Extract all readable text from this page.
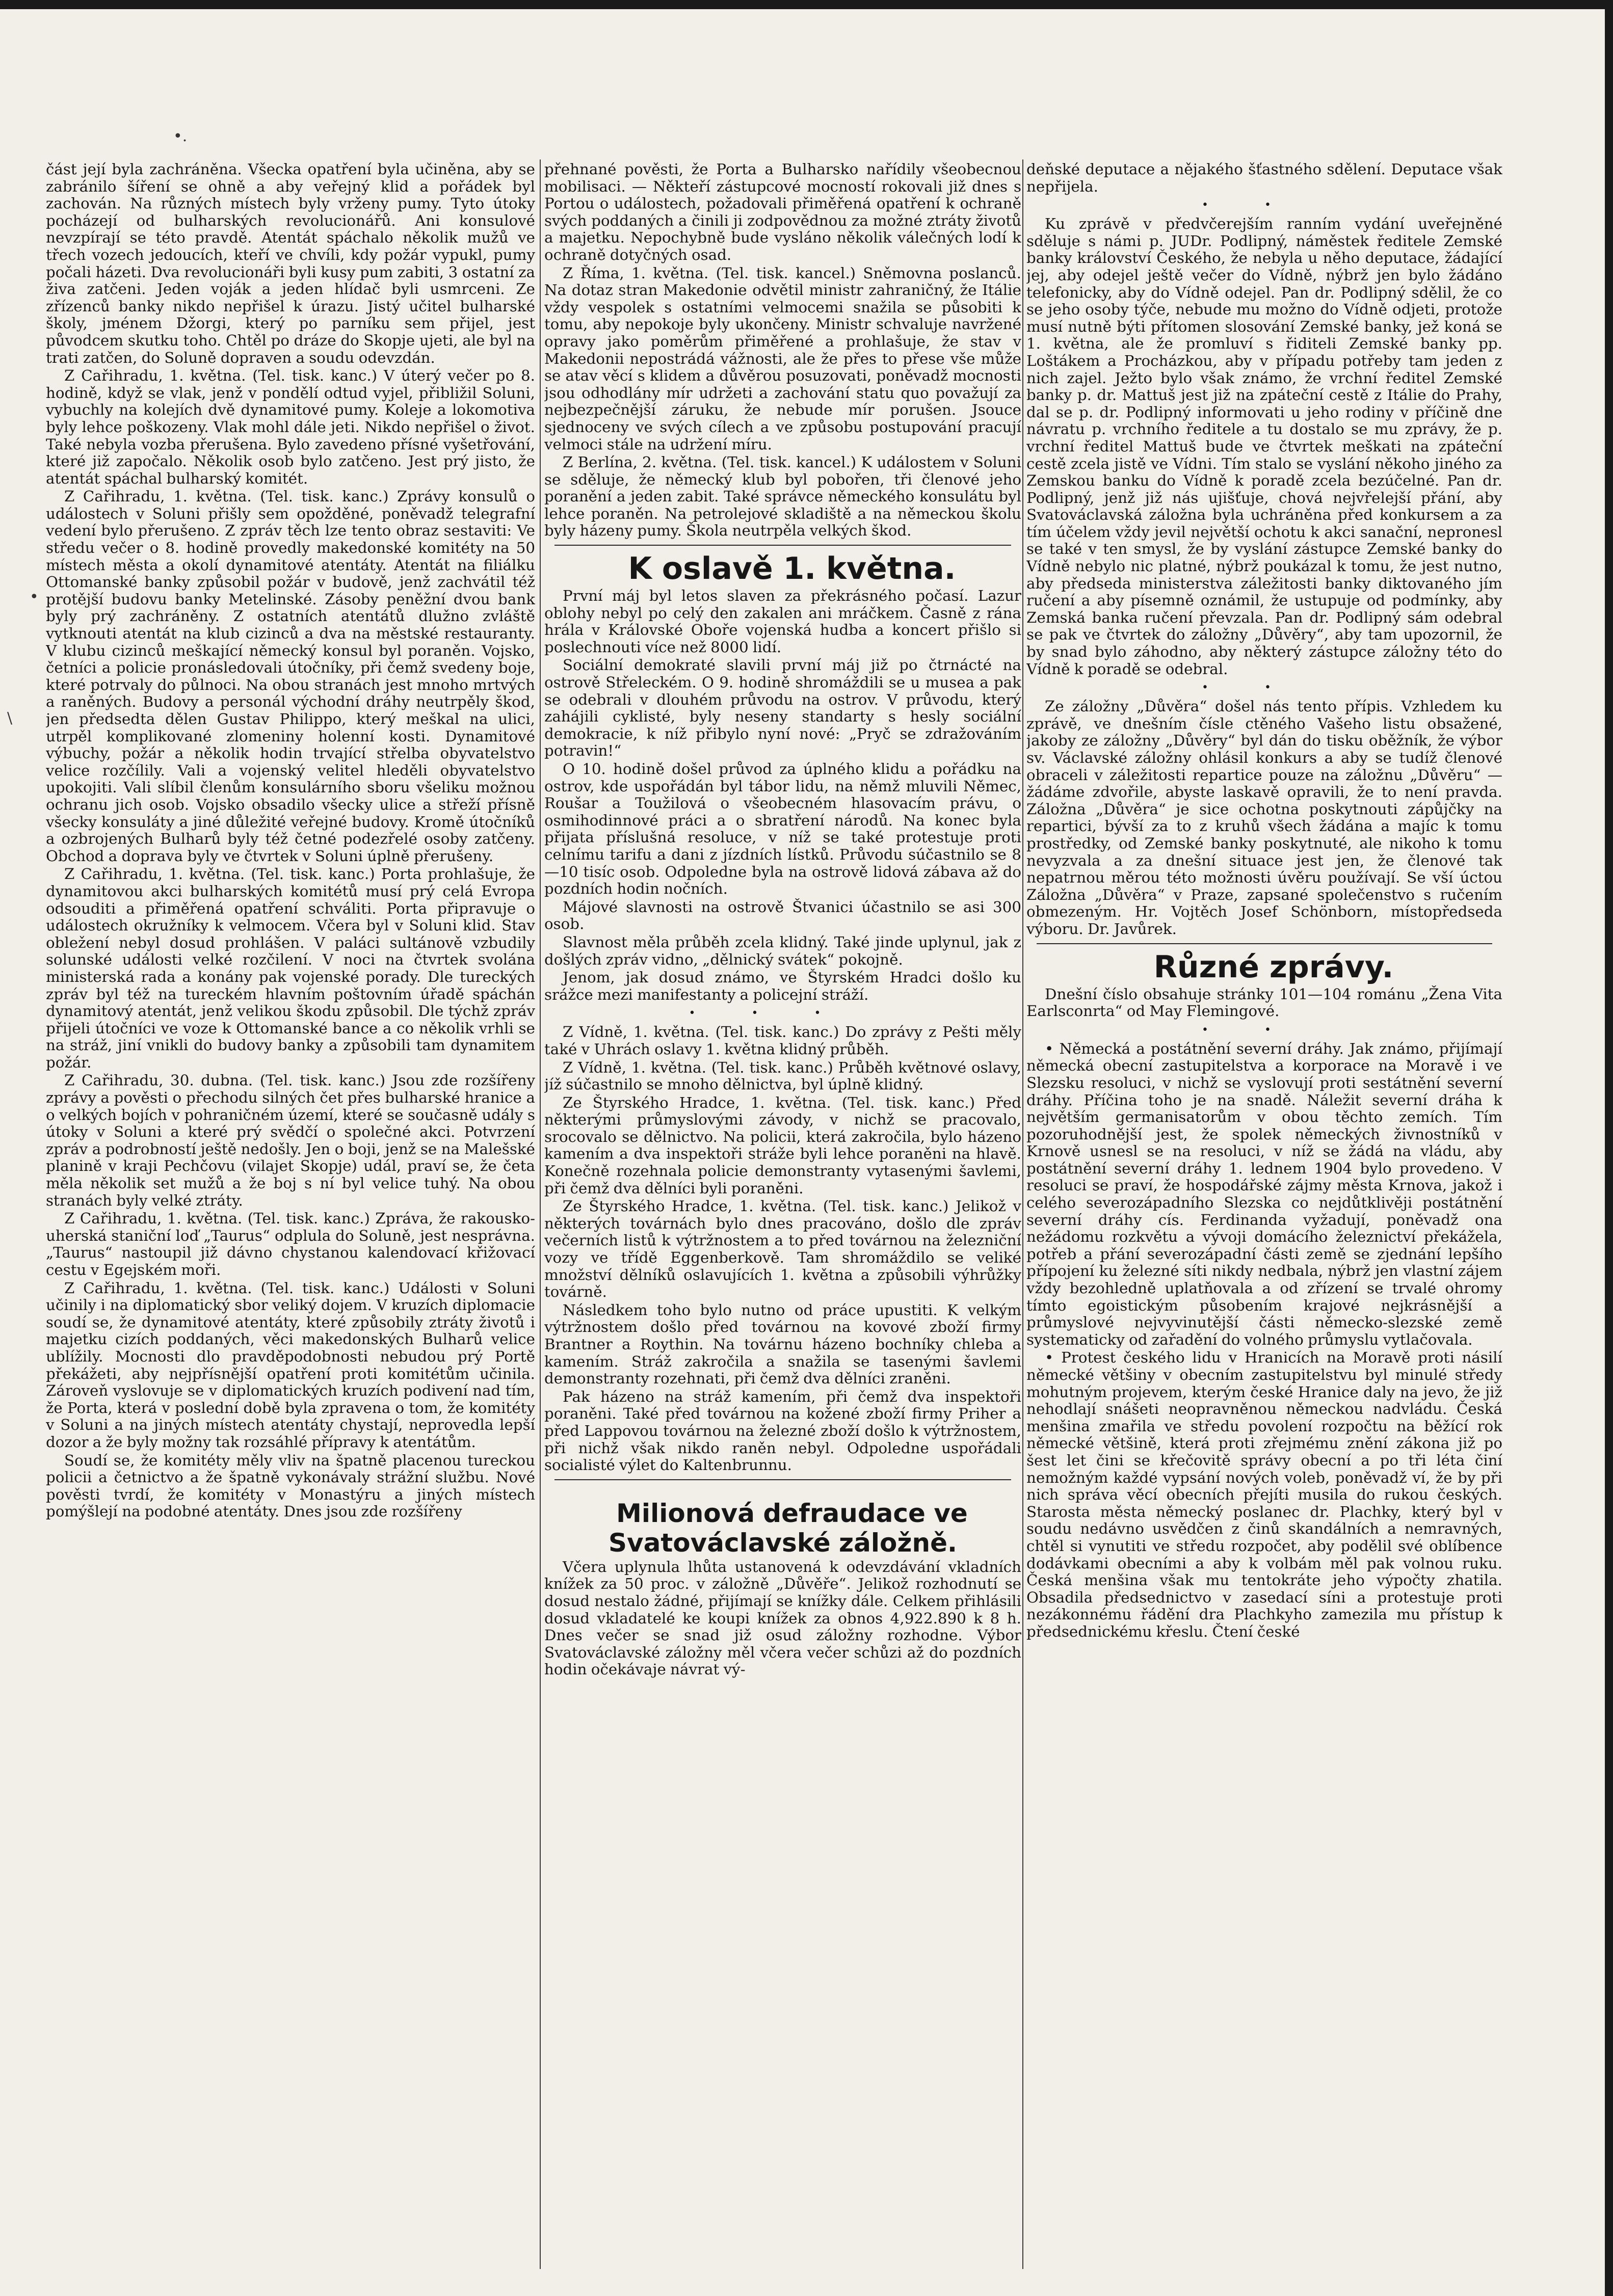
•.
•
\

část její byla zachráněna. Všecka opatření byla učiněna, aby se zabránilo šíření se ohně a aby veřejný klid a pořádek byl zachován. Na různých místech byly vrženy pumy. Tyto útoky pocházejí od bulharských revolucionářů. Ani konsulové nevzpírají se této pravdě. Atentát spáchalo několik mužů ve třech vozech jedoucích, kteří ve chvíli, kdy požár vypukl, pumy počali házeti. Dva revolucionáři byli kusy pum zabiti, 3 ostatní za živa zatčeni. Jeden voják a jeden hlídač byli usmrceni. Ze zřízenců banky nikdo nepřišel k úrazu. Jistý učitel bulharské školy, jménem Džorgi, který po parníku sem přijel, jest původcem skutku toho. Chtěl po dráze do Skopje ujeti, ale byl na trati zatčen, do Soluně dopraven a soudu odevzdán.

Z Cařihradu, 1. května. (Tel. tisk. kanc.) V úterý večer po 8. hodině, když se vlak, jenž v pondělí odtud vyjel, přibližil Soluni, vybuchly na kolejích dvě dynamitové pumy. Koleje a lokomotiva byly lehce poškozeny. Vlak mohl dále jeti. Nikdo nepřišel o život. Také nebyla vozba přerušena. Bylo zavedeno přísné vyšetřování, které již započalo. Několik osob bylo zatčeno. Jest prý jisto, že atentát spáchal bulharský komitét.

Z Cařihradu, 1. května. (Tel. tisk. kanc.) Zprávy konsulů o událostech v Soluni přišly sem opožděné, poněvadž telegrafní vedení bylo přerušeno. Z zpráv těch lze tento obraz sestaviti: Ve středu večer o 8. hodině provedly makedonské komitéty na 50 místech města a okolí dynamitové atentáty. Atentát na filiálku Ottomanské banky způsobil požár v budově, jenž zachvátil též protější budovu banky Metelinské. Zásoby peněžní dvou bank byly prý zachráněny. Z ostatních atentátů dlužno zvláště vytknouti atentát na klub cizinců a dva na městské restauranty. V klubu cizinců meškající německý konsul byl poraněn. Vojsko, četníci a policie pronásledovali útočníky, při čemž svedeny boje, které potrvaly do půlnoci. Na obou stranách jest mnoho mrtvých a raněných. Budovy a personál východní dráhy neutrpěly škod, jen předsedta dělen Gustav Philippo, který meškal na ulici, utrpěl komplikované zlomeniny holenní kosti. Dynamitové výbuchy, požár a několik hodin trvající střelba obyvatelstvo velice rozčílily. Vali a vojenský velitel hleděli obyvatelstvo upokojiti. Vali slíbil členům konsulárního sboru všeliku možnou ochranu jich osob. Vojsko obsadilo všecky ulice a střeží přísně všecky konsuláty a jiné důležité veřejné budovy. Kromě útočníků a ozbrojených Bulharů byly též četné podezřelé osoby zatčeny. Obchod a doprava byly ve čtvrtek v Soluni úplně přerušeny.

Z Cařihradu, 1. května. (Tel. tisk. kanc.) Porta prohlašuje, že dynamitovou akci bulharských komitétů musí prý celá Evropa odsouditi a přiměřená opatření schváliti. Porta připravuje o událostech okružníky k velmocem. Včera byl v Soluni klid. Stav obležení nebyl dosud prohlášen. V paláci sultánově vzbudily solunské události velké rozčilení. V noci na čtvrtek svolána ministerská rada a konány pak vojenské porady. Dle tureckých zpráv byl též na tureckém hlavním poštovním úřadě spáchán dynamitový atentát, jenž velikou škodu způsobil. Dle týchž zpráv přijeli útočníci ve voze k Ottomanské bance a co několik vrhli se na stráž, jiní vnikli do budovy banky a způsobili tam dynamitem požár.

Z Cařihradu, 30. dubna. (Tel. tisk. kanc.) Jsou zde rozšířeny zprávy a pověsti o přechodu silných čet přes bulharské hranice a o velkých bojích v pohraničném území, které se současně udály s útoky v Soluni a které prý svědčí o společné akci. Potvrzení zpráv a podrobností ještě nedošly. Jen o boji, jenž se na Malešské planině v kraji Pechčovu (vilajet Skopje) udál, praví se, že četa měla několik set mužů a že boj s ní byl velice tuhý. Na obou stranách byly velké ztráty.

Z Cařihradu, 1. května. (Tel. tisk. kanc.) Zpráva, že rakousko-uherská staniční loď „Taurus“ odplula do Soluně, jest nesprávna. „Taurus“ nastoupil již dávno chystanou kalendovací křižovací cestu v Egejském moři.

Z Cařihradu, 1. května. (Tel. tisk. kanc.) Události v Soluni učinily i na diplomatický sbor veliký dojem. V kruzích diplomacie soudí se, že dynamitové atentáty, které způsobily ztráty životů i majetku cizích poddaných, věci makedonských Bulharů velice ublížily. Mocnosti dlo pravděpodobnosti nebudou prý Portě překážeti, aby nejpřísnější opatření proti komitétům učinila. Zároveň vyslovuje se v diplomatických kruzích podivení nad tím, že Porta, která v poslední době byla zpravena o tom, že komitéty v Soluni a na jiných místech atentáty chystají, neprovedla lepší dozor a že byly možny tak rozsáhlé přípravy k atentátům.

Soudí se, že komitéty měly vliv na špatně placenou tureckou policii a četnictvo a že špatně vykonávaly strážní službu. Nové pověsti tvrdí, že komitéty v Monastýru a jiných místech pomýšlejí na podobné atentáty. Dnes jsou zde rozšířeny

přehnané pověsti, že Porta a Bulharsko nařídily všeobecnou mobilisaci. — Někteří zástupcové mocností rokovali již dnes s Portou o událostech, požadovali přiměřená opatření k ochraně svých poddaných a činili ji zodpovědnou za možné ztráty životů a majetku. Nepochybně bude vysláno několik válečných lodí k ochraně dotyčných osad.

Z Říma, 1. května. (Tel. tisk. kancel.) Sněmovna poslanců. Na dotaz stran Makedonie odvětil ministr zahraničný, že Itálie vždy vespolek s ostatními velmocemi snažila se působiti k tomu, aby nepokoje byly ukončeny. Ministr schvaluje navržené opravy jako poměrům přiměřené a prohlašuje, že stav v Makedonii nepostrádá vážnosti, ale že přes to přese vše může se atav věcí s klidem a důvěrou posuzovati, poněvadž mocnosti jsou odhodlány mír udržeti a zachování statu quo považují za nejbezpečnější záruku, že nebude mír porušen. Jsouce sjednoceny ve svých cílech a ve způsobu postupování pracují velmoci stále na udržení míru.

Z Berlína, 2. května. (Tel. tisk. kancel.) K událostem v Soluni se sděluje, že německý klub byl pobořen, tři členové jeho poranění a jeden zabit. Také správce německého konsulátu byl lehce poraněn. Na petrolejové skladiště a na německou školu byly házeny pumy. Škola neutrpěla velkých škod.

K oslavě 1. května.

První máj byl letos slaven za překrásného počasí. Lazur oblohy nebyl po celý den zakalen ani mráčkem. Časně z rána hrála v Královské Oboře vojenská hudba a koncert přišlo si poslechnouti více než 8000 lidí.

Sociální demokraté slavili první máj již po čtrnácté na ostrově Střeleckém. O 9. hodině shromáždili se u musea a pak se odebrali v dlouhém průvodu na ostrov. V průvodu, který zahájili cyklisté, byly neseny standarty s hesly sociální demokracie, k níž přibylo nyní nové: „Pryč se zdražováním potravin!“

O 10. hodině došel průvod za úplného klidu a pořádku na ostrov, kde uspořádán byl tábor lidu, na němž mluvili Němec, Roušar a Toužilová o všeobecném hlasovacím právu, o osmihodinnové práci a o sbratření národů. Na konec byla přijata příslušná resoluce, v níž se také protestuje proti celnímu tarifu a dani z jízdních lístků. Průvodu súčastnilo se 8—10 tisíc osob. Odpoledne byla na ostrově lidová zábava až do pozdních hodin nočních.

Májové slavnosti na ostrově Štvanici účastnilo se asi 300 osob.

Slavnost měla průběh zcela klidný. Také jinde uplynul, jak z došlých zpráv vidno, „dělnický svátek“ pokojně.

Jenom, jak dosud známo, ve Štyrském Hradci došlo ku srážce mezi manifestanty a policejní stráží.

•••

Z Vídně, 1. května. (Tel. tisk. kanc.) Do zprávy z Pešti měly také v Uhrách oslavy 1. května klidný průběh.

Z Vídně, 1. května. (Tel. tisk. kanc.) Průběh květnové oslavy, jíž súčastnilo se mnoho dělnictva, byl úplně klidný.

Ze Štyrského Hradce, 1. května. (Tel. tisk. kanc.) Před některými průmyslovými závody, v nichž se pracovalo, srocovalo se dělnictvo. Na policii, která zakročila, bylo házeno kamením a dva inspektoři stráže byli lehce poraněni na hlavě. Konečně rozehnala policie demonstranty vytasenými šavlemi, při čemž dva dělníci byli poraněni.

Ze Štyrského Hradce, 1. května. (Tel. tisk. kanc.) Jelikož v některých továrnách bylo dnes pracováno, došlo dle zpráv večerních listů k výtržnostem a to před továrnou na železniční vozy ve třídě Eggenberkově. Tam shromáždilo se veliké množství dělníků oslavujících 1. května a způsobili výhrůžky továrně.

Následkem toho bylo nutno od práce upustiti. K velkým výtržnostem došlo před továrnou na kovové zboží firmy Brantner a Roythin. Na továrnu házeno bochníky chleba a kamením. Stráž zakročila a snažila se tasenými šavlemi demonstranty rozehnati, při čemž dva dělníci zraněni.

Pak házeno na stráž kamením, při čemž dva inspektoři poraněni. Také před továrnou na kožené zboží firmy Priher a před Lappovou továrnou na železné zboží došlo k výtržnostem, při nichž však nikdo raněn nebyl. Odpoledne uspořádali socialisté výlet do Kaltenbrunnu.

Milionová defraudace ve Svatováclavské záložně.

Včera uplynula lhůta ustanovená k odevzdávání vkladních knížek za 50 proc. v záložně „Důvěře“. Jelikož rozhodnutí se dosud nestalo žádné, přijímají se knížky dále. Celkem přihlásili dosud vkladatelé ke koupi knížek za obnos 4,922.890 k 8 h. Dnes večer se snad již osud záložny rozhodne. Výbor Svatováclavské záložny měl včera večer schůzi až do pozdních hodin očekávaje návrat vý-

deňské deputace a nějakého šťastného sdělení. Deputace však nepřijela.

••

Ku zprávě v předvčerejším ranním vydání uveřejněné sděluje s námi p. JUDr. Podlipný, náměstek ředitele Zemské banky království Českého, že nebyla u něho deputace, žádající jej, aby odejel ještě večer do Vídně, nýbrž jen bylo žádáno telefonicky, aby do Vídně odejel. Pan dr. Podlipný sdělil, že co se jeho osoby týče, nebude mu možno do Vídně odjeti, protože musí nutně býti přítomen slosování Zemské banky, jež koná se 1. května, ale že promluví s řiditeli Zemské banky pp. Loštákem a Procházkou, aby v případu potřeby tam jeden z nich zajel. Ježto bylo však známo, že vrchní ředitel Zemské banky p. dr. Mattuš jest již na zpáteční cestě z Itálie do Prahy, dal se p. dr. Podlipný informovati u jeho rodiny v příčině dne návratu p. vrchního ředitele a tu dostalo se mu zprávy, že p. vrchní ředitel Mattuš bude ve čtvrtek meškati na zpáteční cestě zcela jistě ve Vídni. Tím stalo se vyslání někoho jiného za Zemskou banku do Vídně k poradě zcela bezúčelné. Pan dr. Podlipný, jenž již nás ujišťuje, chová nejvřelejší přání, aby Svatováclavská záložna byla uchráněna před konkursem a za tím účelem vždy jevil největší ochotu k akci sanační, nepronesl se také v ten smysl, že by vyslání zástupce Zemské banky do Vídně nebylo nic platné, nýbrž poukázal k tomu, že jest nutno, aby předseda ministerstva záležitosti banky diktovaného jím ručení a aby písemně oznámil, že ustupuje od podmínky, aby Zemská banka ručení převzala. Pan dr. Podlipný sám odebral se pak ve čtvrtek do záložny „Důvěry“, aby tam upozornil, že by snad bylo záhodno, aby některý zástupce záložny této do Vídně k poradě se odebral.

••

Ze záložny „Důvěra“ došel nás tento přípis. Vzhledem ku zprávě, ve dnešním čísle ctěného Vašeho listu obsažené, jakoby ze záložny „Důvěry“ byl dán do tisku oběžník, že výbor sv. Václavské záložny ohlásil konkurs a aby se tudíž členové obraceli v záležitosti repartice pouze na záložnu „Důvěru“ — žádáme zdvořile, abyste laskavě opravili, že to není pravda. Záložna „Důvěra“ je sice ochotna poskytnouti zápůjčky na repartici, bývší za to z kruhů všech žádána a majíc k tomu prostředky, od Zemské banky poskytnuté, ale nikoho k tomu nevyzvala a za dnešní situace jest jen, že členové tak nepatrnou měrou této možnosti úvěru používají. Se vší úctou Záložna „Důvěra“ v Praze, zapsané společenstvo s ručením obmezeným. Hr. Vojtěch Josef Schönborn, místopředseda výboru. Dr. Javůrek.

Různé zprávy.

Dnešní číslo obsahuje stránky 101—104 románu „Žena Vita Earlsconrta“ od May Flemingové.

••

• Německá a postátnění severní dráhy. Jak známo, přijímají německá obecní zastupitelstva a korporace na Moravě i ve Slezsku resoluci, v nichž se vyslovují proti sestátnění severní dráhy. Příčina toho je na snadě. Náležit severní dráha k největším germanisatorům v obou těchto zemích. Tím pozoruhodnější jest, že spolek německých živnostníků v Krnově usnesl se na resoluci, v níž se žádá na vládu, aby postátnění severní dráhy 1. lednem 1904 bylo provedeno. V resoluci se praví, že hospodářské zájmy města Krnova, jakož i celého severozápadního Slezska co nejdůtklivěji postátnění severní dráhy cís. Ferdinanda vyžadují, poněvadž ona nežádomu rozkvětu a vývoji domácího železnictví překážela, potřeb a přání severozápadní části země se zjednání lepšího přípojení ku železné síti nikdy nedbala, nýbrž jen vlastní zájem vždy bezohledně uplatňovala a od zřízení se trvalé ohromy tímto egoistickým působením krajové nejkrásnější a průmyslové nejvyvinutější části německo-slezské země systematicky od zařadění do volného průmyslu vytlačovala.

• Protest českého lidu v Hranicích na Moravě proti násilí německé většiny v obecním zastupitelstvu byl minulé středy mohutným projevem, kterým české Hranice daly na jevo, že již nehodlají snášeti neopravněnou německou nadvládu. Česká menšina zmařila ve středu povolení rozpočtu na běžící rok německé většině, která proti zřejmému znění zákona již po šest let čini se křečovitě správy obecní a po tři léta činí nemožným každé vypsání nových voleb, poněvadž ví, že by při nich správa věcí obecních přejíti musila do rukou českých. Starosta města německý poslanec dr. Plachky, který byl v soudu nedávno usvědčen z činů skandálních a nemravných, chtěl si vynutiti ve středu rozpočet, aby podělil své oblíbence dodávkami obecními a aby k volbám měl pak volnou ruku. Česká menšina však mu tentokráte jeho výpočty zhatila. Obsadila předsednictvo v zasedací síni a protestuje proti nezákonnému řádění dra Plachkyho zamezila mu přístup k předsednickému křeslu. Čtení české
